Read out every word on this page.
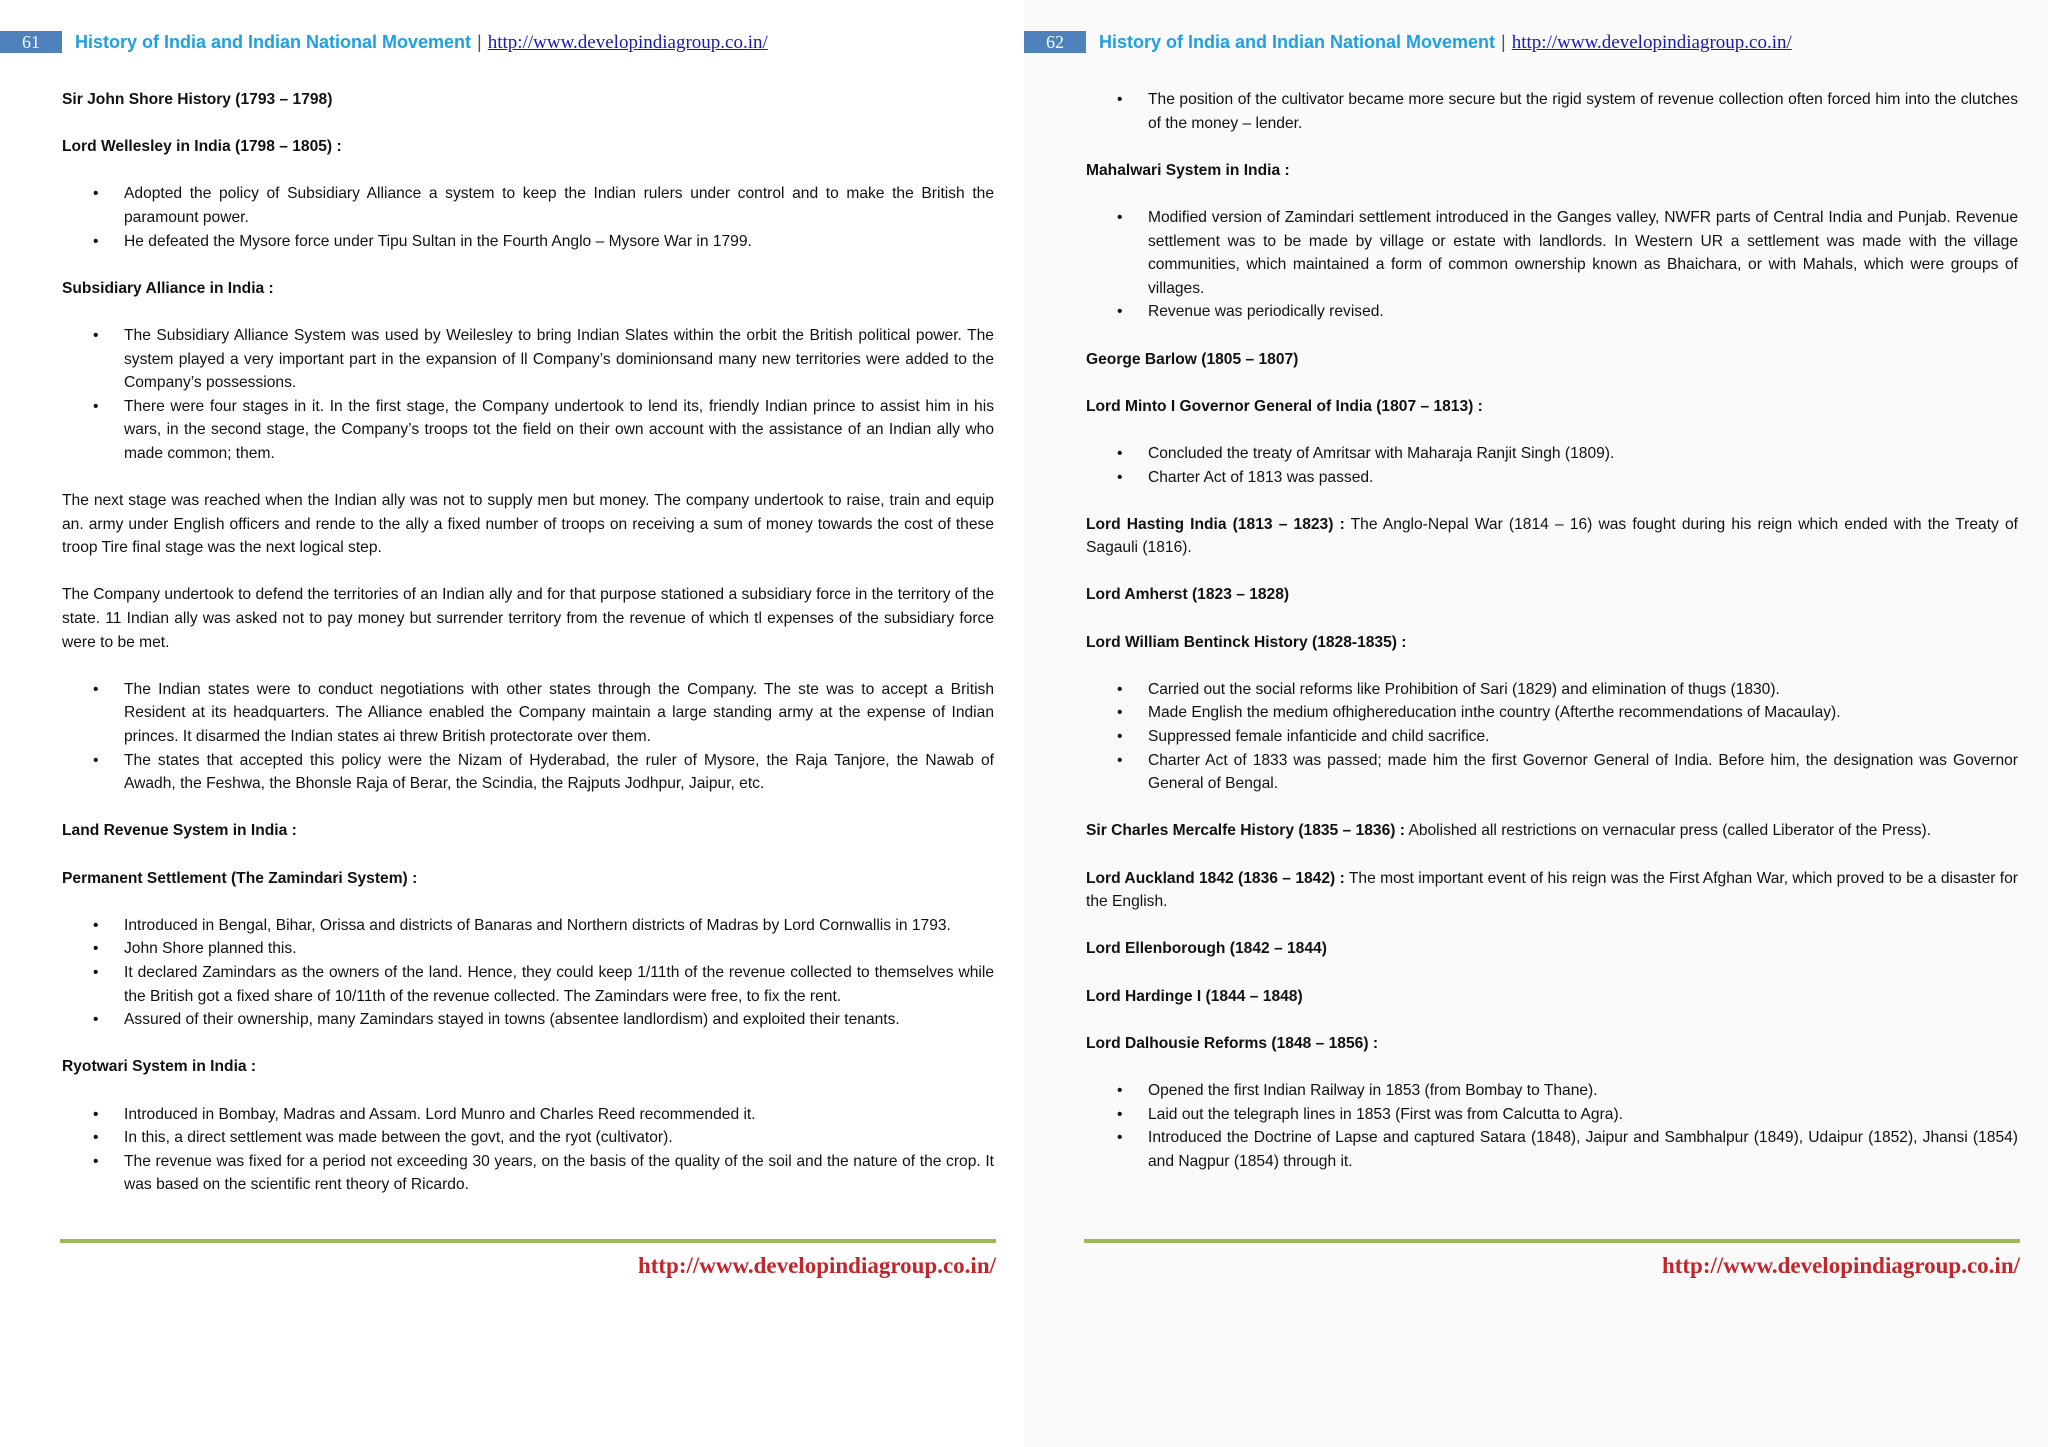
61	History of India and Indian National Movement | http://www.developindiagroup.co.in/

Sir John Shore History (1793 – 1798)

Lord Wellesley in India (1798 – 1805) :

• Adopted the policy of Subsidiary Alliance a system to keep the Indian rulers under control and to make the British the paramount power.
• He defeated the Mysore force under Tipu Sultan in the Fourth Anglo – Mysore War in 1799.

Subsidiary Alliance in India :

• The Subsidiary Alliance System was used by Weilesley to bring Indian Slates within the orbit the British political power. The system played a very important part in the expansion of ll Company’s dominionsand many new territories were added to the Company’s possessions.
• There were four stages in it. In the first stage, the Company undertook to lend its, friendly Indian prince to assist him in his wars, in the second stage, the Company’s troops tot the field on their own account with the assistance of an Indian ally who made common; them.

The next stage was reached when the Indian ally was not to supply men but money. The company undertook to raise, train and equip an. army under English officers and rende to the ally a fixed number of troops on receiving a sum of money towards the cost of these troop Tire final stage was the next logical step.

The Company undertook to defend the territories of an Indian ally and for that purpose stationed a subsidiary force in the territory of the state. 11 Indian ally was asked not to pay money but surrender territory from the revenue of which tl expenses of the subsidiary force were to be met.

• The Indian states were to conduct negotiations with other states through the Company. The ste was to accept a British Resident at its headquarters. The Alliance enabled the Company maintain a large standing army at the expense of Indian princes. It disarmed the Indian states ai threw British protectorate over them.
• The states that accepted this policy were the Nizam of Hyderabad, the ruler of Mysore, the Raja Tanjore, the Nawab of Awadh, the Feshwa, the Bhonsle Raja of Berar, the Scindia, the Rajputs Jodhpur, Jaipur, etc.

Land Revenue System in India :

Permanent Settlement (The Zamindari System) :

• Introduced in Bengal, Bihar, Orissa and districts of Banaras and Northern districts of Madras by Lord Cornwallis in 1793.
• John Shore planned this.
• It declared Zamindars as the owners of the land. Hence, they could keep 1/11th of the revenue collected to themselves while the British got a fixed share of 10/11th of the revenue collected. The Zamindars were free, to fix the rent.
• Assured of their ownership, many Zamindars stayed in towns (absentee landlordism) and exploited their tenants.

Ryotwari System in India :

• Introduced in Bombay, Madras and Assam. Lord Munro and Charles Reed recommended it.
• In this, a direct settlement was made between the govt, and the ryot (cultivator).
• The revenue was fixed for a period not exceeding 30 years, on the basis of the quality of the soil and the nature of the crop. It was based on the scientific rent theory of Ricardo.
http://www.developindiagroup.co.in/
62	History of India and Indian National Movement | http://www.developindiagroup.co.in/
• The position of the cultivator became more secure but the rigid system of revenue collection often forced him into the clutches of the money – lender.

Mahalwari System in India :

• Modified version of Zamindari settlement introduced in the Ganges valley, NWFR parts of Central India and Punjab. Revenue settlement was to be made by village or estate with landlords. In Western UR a settlement was made with the village communities, which maintained a form of common ownership known as Bhaichara, or with Mahals, which were groups of villages.
• Revenue was periodically revised.

George Barlow (1805 – 1807)

Lord Minto I Governor General of India (1807 – 1813) :

• Concluded the treaty of Amritsar with Maharaja Ranjit Singh (1809).
• Charter Act of 1813 was passed.

Lord Hasting India (1813 – 1823) : The Anglo-Nepal War (1814 – 16) was fought during his reign which ended with the Treaty of Sagauli (1816).

Lord Amherst (1823 – 1828)

Lord William Bentinck History (1828-1835) :

• Carried out the social reforms like Prohibition of Sari (1829) and elimination of thugs (1830).
• Made English the medium ofhighereducation inthe country (Afterthe recommendations of Macaulay).
• Suppressed female infanticide and child sacrifice.
• Charter Act of 1833 was passed; made him the first Governor General of India. Before him, the designation was Governor General of Bengal.

Sir Charles Mercalfe History (1835 – 1836) : Abolished all restrictions on vernacular press (called Liberator of the Press).

Lord Auckland 1842 (1836 – 1842) : The most important event of his reign was the First Afghan War, which proved to be a disaster for the English.

Lord Ellenborough (1842 – 1844)

Lord Hardinge I (1844 – 1848)

Lord Dalhousie Reforms (1848 – 1856) :

• Opened the first Indian Railway in 1853 (from Bombay to Thane).
• Laid out the telegraph lines in 1853 (First was from Calcutta to Agra).
• Introduced the Doctrine of Lapse and captured Satara (1848), Jaipur and Sambhalpur (1849), Udaipur (1852), Jhansi (1854) and Nagpur (1854) through it.
http://www.developindiagroup.co.in/
